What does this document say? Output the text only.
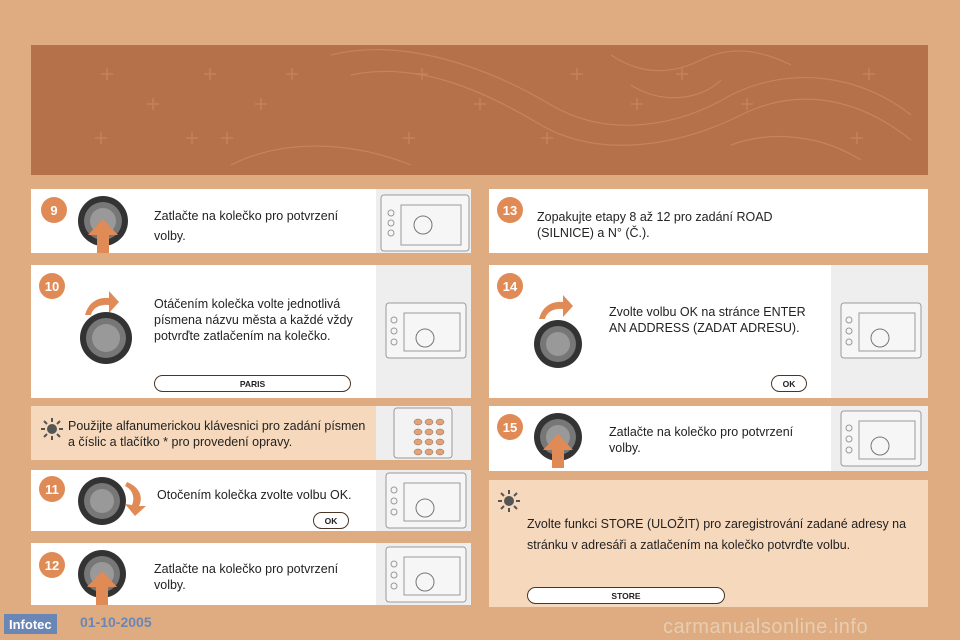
9	Zatlačte na kolečko pro potvrzení volby.
10
Otáčením kolečka volte jednotlivá písmena názvu města a každé vždy potvrďte zatlačením na kolečko.
PARIS
Použijte alfanumerickou klávesnici pro zadání písmen a číslic a tlačítko * pro provedení opravy.
11	Otočením kolečka zvolte volbu OK.
OK
12	Zatlačte na kolečko pro potvrzení volby.
13	Zopakujte etapy 8 až 12 pro zadání ROAD (SILNICE) a N° (Č.).
14
Zvolte volbu OK na stránce ENTER AN ADDRESS (ZADAT ADRESU).
OK
15	Zatlačte na kolečko pro potvrzení volby.
Zvolte funkci STORE (ULOŽIT) pro zaregistrování zadané adresy na stránku v adresáři a zatlačením na kolečko potvrďte volbu.
STORE
Infotec	01-10-2005	carmanualsonline.info
